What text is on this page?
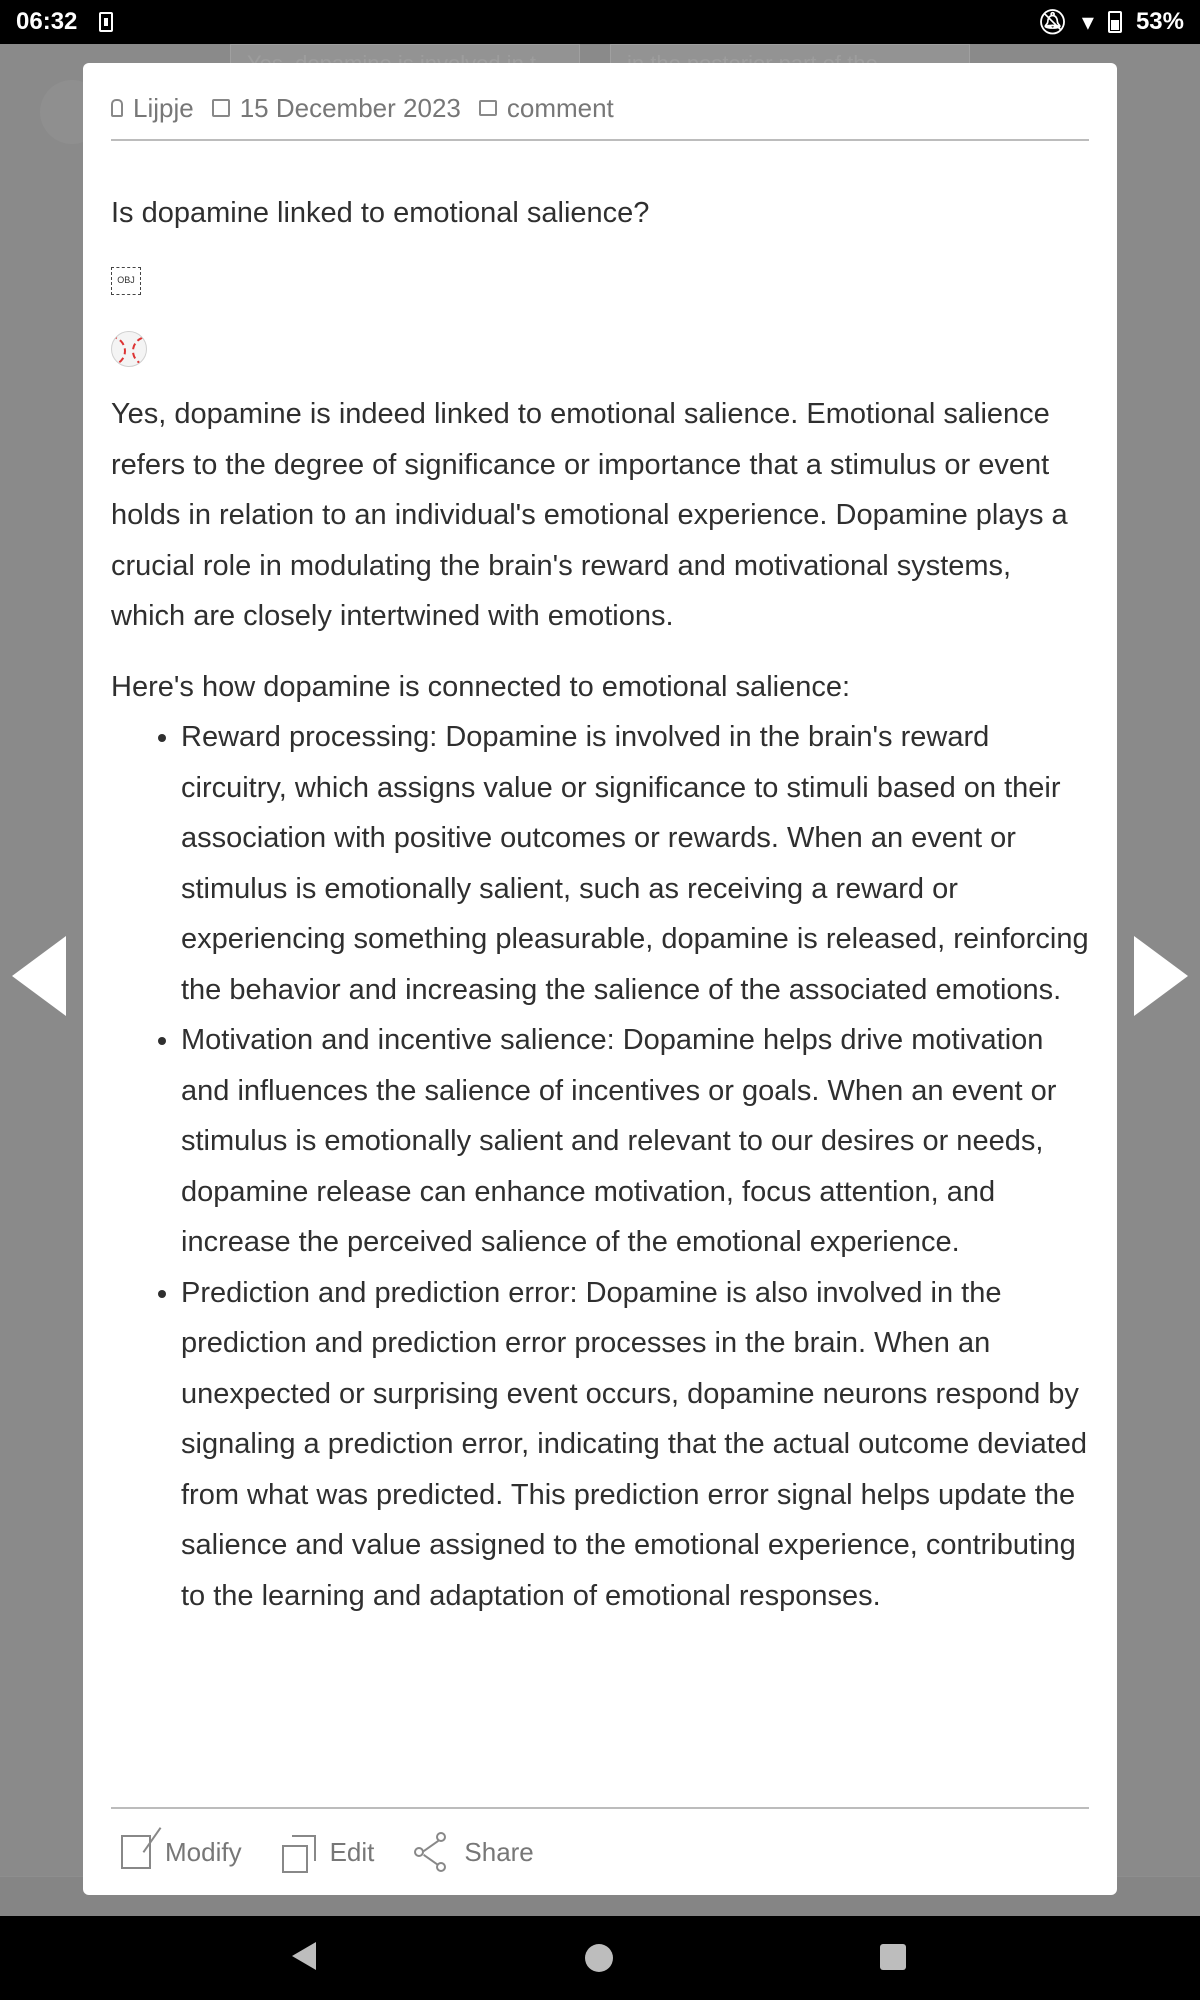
06:32	🔕︎ ▾ 53%
Lijpje 15 December 2023 comment
Is dopamine linked to emotional salience?
OBJ

Yes, dopamine is indeed linked to emotional salience. Emotional salience refers to the degree of significance or importance that a stimulus or event holds in relation to an individual's emotional experience. Dopamine plays a crucial role in modulating the brain's reward and motivational systems, which are closely intertwined with emotions.

Here's how dopamine is connected to emotional salience:

• Reward processing: Dopamine is involved in the brain's reward circuitry, which assigns value or significance to stimuli based on their association with positive outcomes or rewards. When an event or stimulus is emotionally salient, such as receiving a reward or experiencing something pleasurable, dopamine is released, reinforcing the behavior and increasing the salience of the associated emotions.
• Motivation and incentive salience: Dopamine helps drive motivation and influences the salience of incentives or goals. When an event or stimulus is emotionally salient and relevant to our desires or needs, dopamine release can enhance motivation, focus attention, and increase the perceived salience of the emotional experience.
• Prediction and prediction error: Dopamine is also involved in the prediction and prediction error processes in the brain. When an unexpected or surprising event occurs, dopamine neurons respond by signaling a prediction error, indicating that the actual outcome deviated from what was predicted. This prediction error signal helps update the salience and value assigned to the emotional experience, contributing to the learning and adaptation of emotional responses.
Modify	Edit	Share
